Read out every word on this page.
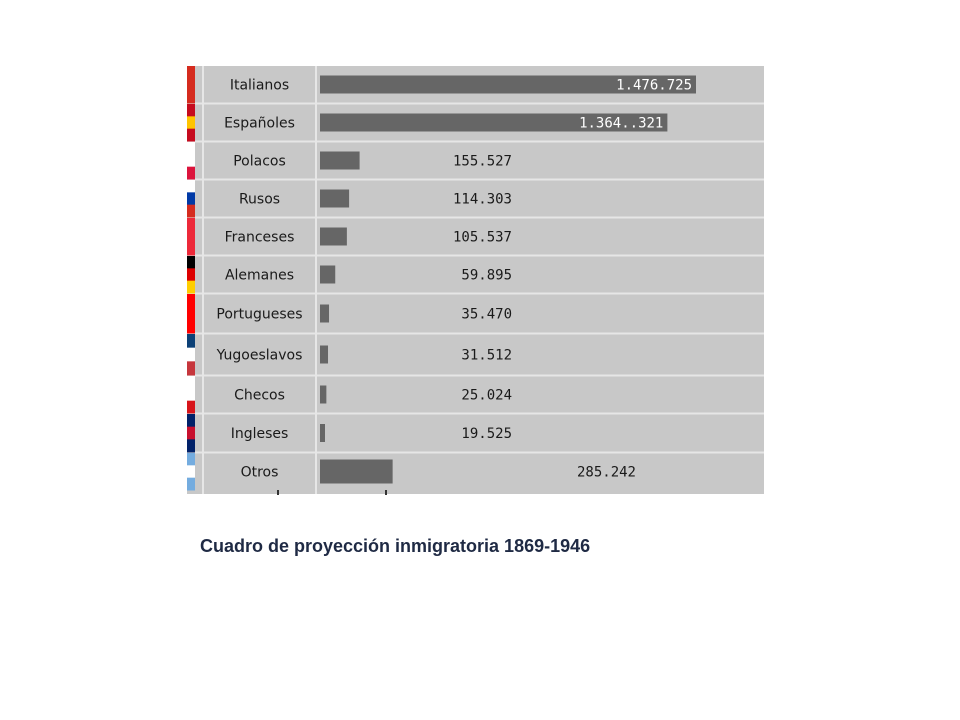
Italianos	1.476.725
Españoles	1.364..321
Polacos	155.527
Rusos	114.303
Franceses	105.537
Alemanes	59.895
Portugueses	35.470
Yugoeslavos	31.512
Checos	25.024
Ingleses	19.525
Otros	285.242
Cuadro de proyección inmigratoria 1869-1946
